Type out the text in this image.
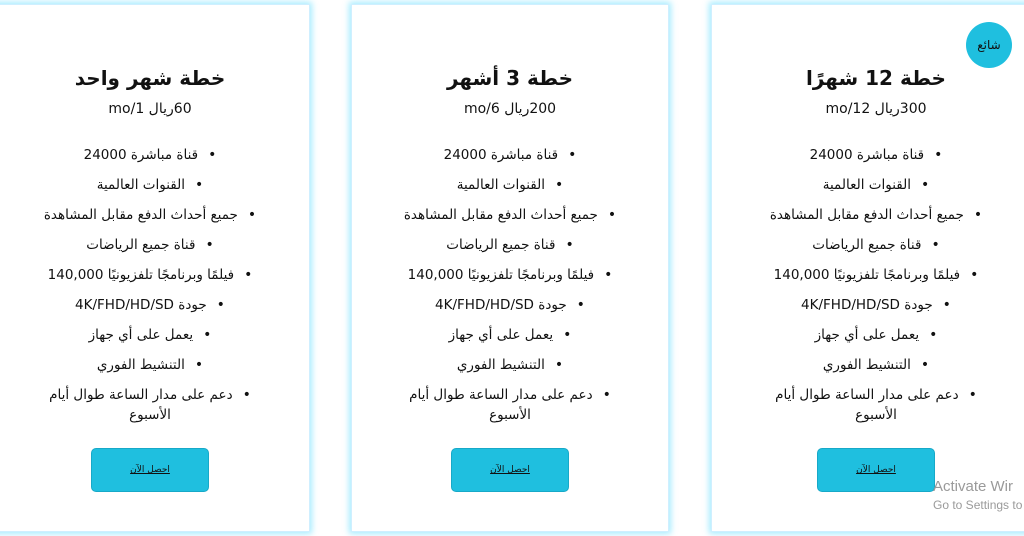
خطة شهر واحد
60ريال 1/mo
•قناة مباشرة 24000
•القنوات العالمية
•جميع أحداث الدفع مقابل المشاهدة
•قناة جميع الرياضات
•فيلمًا وبرنامجًا تلفزيونيًا 140,000
•جودة 4K/FHD/HD/SD
•يعمل على أي جهاز
•التنشيط الفوري
•دعم على مدار الساعة طوال أيام الأسبوع
احصل الآن
خطة 3 أشهر
200ريال 6/mo
•قناة مباشرة 24000
•القنوات العالمية
•جميع أحداث الدفع مقابل المشاهدة
•قناة جميع الرياضات
•فيلمًا وبرنامجًا تلفزيونيًا 140,000
•جودة 4K/FHD/HD/SD
•يعمل على أي جهاز
•التنشيط الفوري
•دعم على مدار الساعة طوال أيام الأسبوع
احصل الآن
شائع
خطة 12 شهرًا
300ريال 12/mo
•قناة مباشرة 24000
•القنوات العالمية
•جميع أحداث الدفع مقابل المشاهدة
•قناة جميع الرياضات
•فيلمًا وبرنامجًا تلفزيونيًا 140,000
•جودة 4K/FHD/HD/SD
•يعمل على أي جهاز
•التنشيط الفوري
•دعم على مدار الساعة طوال أيام الأسبوع
احصل الآن
Activate Wir
Go to Settings to
